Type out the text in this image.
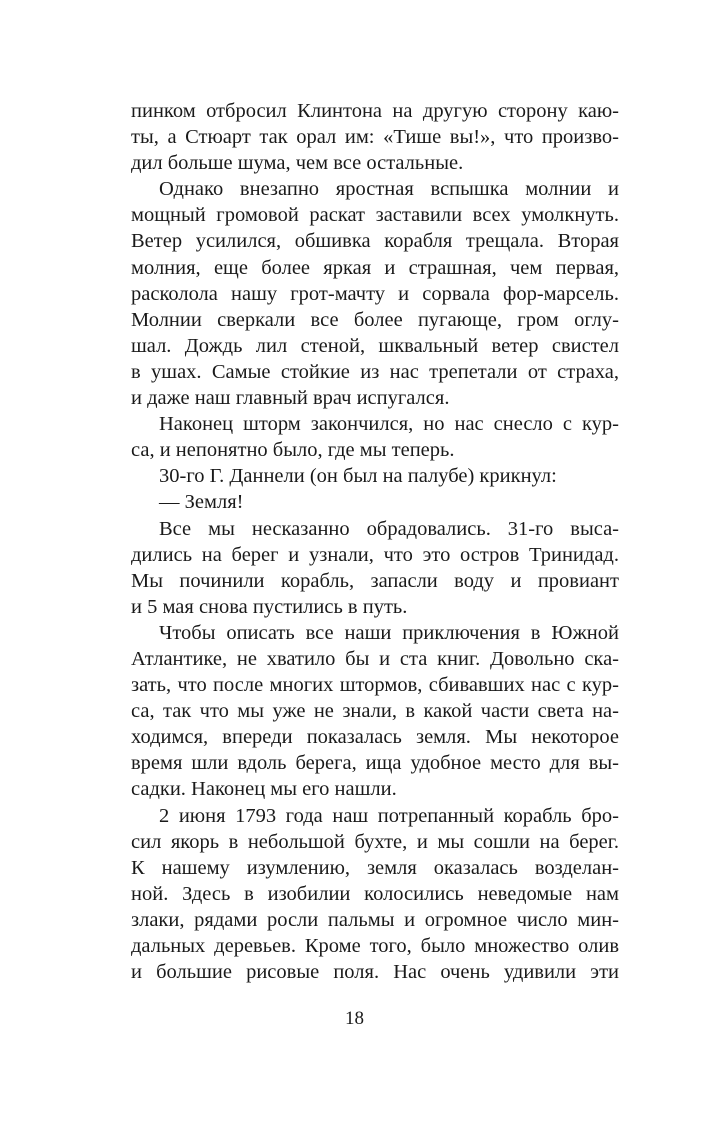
пинком отбросил Клинтона на другую сторону каю-
ты, а Стюарт так орал им: «Тише вы!», что произво-
дил больше шума, чем все остальные.
Однако внезапно яростная вспышка молнии и
мощный громовой раскат заставили всех умолкнуть.
Ветер усилился, обшивка корабля трещала. Вторая
молния, еще более яркая и страшная, чем первая,
расколола нашу грот-мачту и сорвала фор-марсель.
Молнии сверкали все более пугающе, гром оглу-
шал. Дождь лил стеной, шквальный ветер свистел
в ушах. Самые стойкие из нас трепетали от страха,
и даже наш главный врач испугался.
Наконец шторм закончился, но нас снесло с кур-
са, и непонятно было, где мы теперь.
30-го Г. Даннели (он был на палубе) крикнул:
— Земля!
Все мы несказанно обрадовались. 31-го выса-
дились на берег и узнали, что это остров Тринидад.
Мы починили корабль, запасли воду и провиант
и 5 мая снова пустились в путь.
Чтобы описать все наши приключения в Южной
Атлантике, не хватило бы и ста книг. Довольно ска-
зать, что после многих штормов, сбивавших нас с кур-
са, так что мы уже не знали, в какой части света на-
ходимся, впереди показалась земля. Мы некоторое
время шли вдоль берега, ища удобное место для вы-
садки. Наконец мы его нашли.
2 июня 1793 года наш потрепанный корабль бро-
сил якорь в небольшой бухте, и мы сошли на берег.
К нашему изумлению, земля оказалась возделан-
ной. Здесь в изобилии колосились неведомые нам
злаки, рядами росли пальмы и огромное число мин-
дальных деревьев. Кроме того, было множество олив
и большие рисовые поля. Нас очень удивили эти
18
